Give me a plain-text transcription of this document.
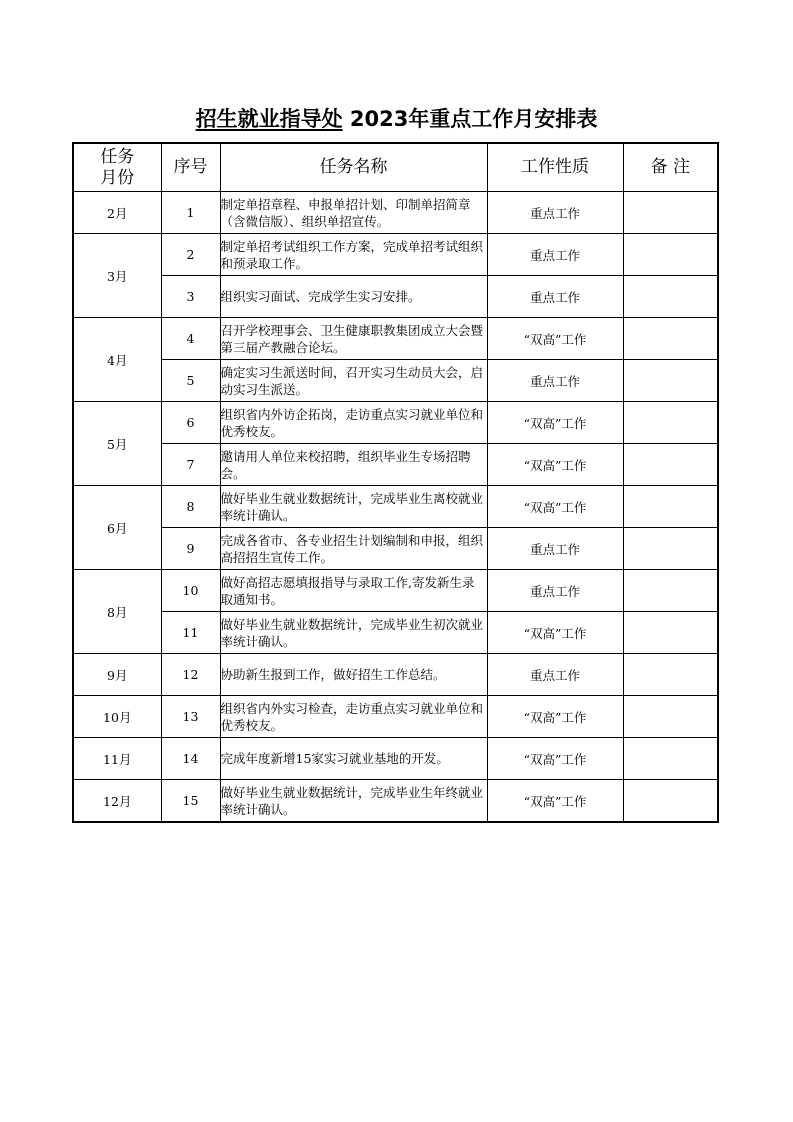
招生就业指导处 2023年重点工作月安排表
任务
月份	序号	任务名称	工作性质	备 注
2月	1	制定单招章程、申报单招计划、印制单招简章（含微信版）、组织单招宣传。	重点工作	
3月	2	制定单招考试组织工作方案，完成单招考试组织和预录取工作。	重点工作	
	3	组织实习面试、完成学生实习安排。	重点工作	
4月	4	召开学校理事会、卫生健康职教集团成立大会暨第三届产教融合论坛。	“双高”工作	
	5	确定实习生派送时间，召开实习生动员大会，启动实习生派送。	重点工作	
5月	6	组织省内外访企拓岗，走访重点实习就业单位和优秀校友。	“双高”工作	
	7	邀请用人单位来校招聘，组织毕业生专场招聘会。	“双高”工作	
6月	8	做好毕业生就业数据统计，完成毕业生离校就业率统计确认。	“双高”工作	
	9	完成各省市、各专业招生计划编制和申报，组织高招招生宣传工作。	重点工作	
8月	10	做好高招志愿填报指导与录取工作,寄发新生录取通知书。	重点工作	
	11	做好毕业生就业数据统计，完成毕业生初次就业率统计确认。	“双高”工作	
9月	12	协助新生报到工作，做好招生工作总结。	重点工作	
10月	13	组织省内外实习检查，走访重点实习就业单位和优秀校友。	“双高”工作	
11月	14	完成年度新增15家实习就业基地的开发。	“双高”工作	
12月	15	做好毕业生就业数据统计，完成毕业生年终就业率统计确认。	“双高”工作	
